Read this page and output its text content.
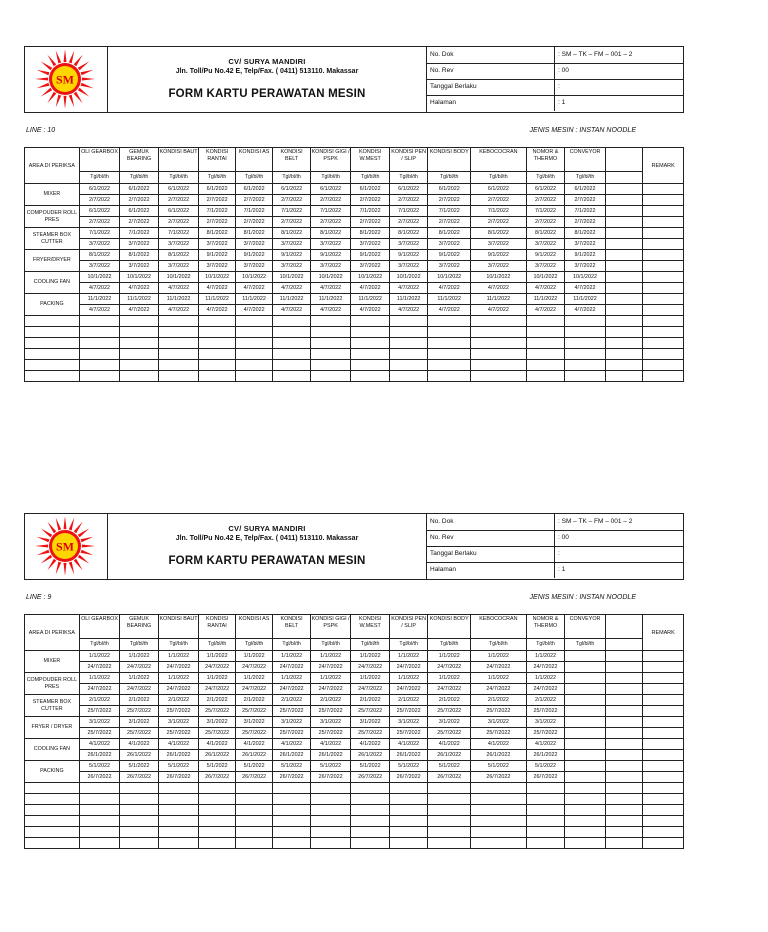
SM
CV/ SURYA MANDIRI
Jln. Toll/Pu No.42 E, Telp/Fax. ( 0411) 513110. Makassar
FORM KARTU PERAWATAN MESIN
No. Dok	: SM – TK – FM – 001 – 2
No. Rev	: 00
Tanggal Berlaku	:
Halaman	: 1
LINE : 10	JENIS MESIN : INSTAN NOODLE
AREA DI PERIKSA	OLI GEARBOX	GEMUK BEARING	KONDISI BAUT	KONDISI RANTAI	KONDISI AS	KONDISI BELT	KONDISI GIGI / PSPK	KONDISI W.MEST	KONDISI PEN / SLIP	KONDISI BODY	KEBOCOCRAN	NOMOR & THERMO	CONVEYOR		REMARK
	Tgl/bl/th	Tgl/bl/th	Tgl/bl/th	Tgl/bl/th	Tgl/bl/th	Tgl/bl/th	Tgl/bl/th	Tgl/bl/th	Tgl/bl/th	Tgl/bl/th	Tgl/bl/th	Tgl/bl/th	Tgl/bl/th		
MIXER	6/1/2022	6/1/2022	6/1/2022	6/1/2022	6/1/2022	6/1/2022	6/1/2022	6/1/2022	6/1/2022	6/1/2022	6/1/2022	6/1/2022	6/1/2022		
	2/7/2022	2/7/2022	2/7/2022	2/7/2022	2/7/2022	2/7/2022	2/7/2022	2/7/2022	2/7/2022	2/7/2022	2/7/2022	2/7/2022	2/7/2022		
COMPOUDER ROLL PRES	6/1/2022	6/1/2022	6/1/2022	7/1/2022	7/1/2022	7/1/2022	7/1/2022	7/1/2022	7/1/2022	7/1/2022	7/1/2022	7/1/2022	7/1/2022		
	2/7/2022	2/7/2022	2/7/2022	2/7/2022	2/7/2022	2/7/2022	2/7/2022	2/7/2022	2/7/2022	2/7/2022	2/7/2022	2/7/2022	2/7/2022		
STEAMER BOX CUTTER	7/1/2022	7/1/2022	7/1/2022	8/1/2022	8/1/2022	8/1/2022	8/1/2022	8/1/2022	8/1/2022	8/1/2022	8/1/2022	8/1/2022	8/1/2022		
	3/7/2022	3/7/2022	3/7/2022	3/7/2022	3/7/2022	3/7/2022	3/7/2022	3/7/2022	3/7/2022	3/7/2022	3/7/2022	3/7/2022	3/7/2022		
FRYER/DRYER	8/1/2022	8/1/2022	8/1/2022	9/1/2022	9/1/2022	9/1/2022	9/1/2022	9/1/2022	9/1/2022	9/1/2022	9/1/2022	9/1/2022	9/1/2022		
	3/7/2022	3/7/2022	3/7/2022	3/7/2022	3/7/2022	3/7/2022	3/7/2022	3/7/2022	3/7/2022	3/7/2022	3/7/2022	3/7/2022	3/7/2022		
COOLING FAN	10/1/2022	10/1/2022	10/1/2022	10/1/2022	10/1/2022	10/1/2022	10/1/2022	10/1/2022	10/1/2022	10/1/2022	10/1/2022	10/1/2022	10/1/2022		
	4/7/2022	4/7/2022	4/7/2022	4/7/2022	4/7/2022	4/7/2022	4/7/2022	4/7/2022	4/7/2022	4/7/2022	4/7/2022	4/7/2022	4/7/2022		
PACKING	11/1/2022	11/1/2022	11/1/2022	11/1/2022	11/1/2022	11/1/2022	11/1/2022	11/1/2022	11/1/2022	11/1/2022	11/1/2022	11/1/2022	11/1/2022		
	4/7/2022	4/7/2022	4/7/2022	4/7/2022	4/7/2022	4/7/2022	4/7/2022	4/7/2022	4/7/2022	4/7/2022	4/7/2022	4/7/2022	4/7/2022		

SM
CV/ SURYA MANDIRI
Jln. Toll/Pu No.42 E, Telp/Fax. ( 0411) 513110. Makassar
FORM KARTU PERAWATAN MESIN
No. Dok	: SM – TK – FM – 001 – 2
No. Rev	: 00
Tanggal Berlaku	:
Halaman	: 1
LINE : 9	JENIS MESIN : INSTAN NOODLE
AREA DI PERIKSA	OLI GEARBOX	GEMUK BEARING	KONDISI BAUT	KONDISI RANTAI	KONDISI AS	KONDISI BELT	KONDISI GIGI / PSPK	KONDISI W.MEST	KONDISI PEN / SLIP	KONDISI BODY	KEBOCOCRAN	NOMOR & THERMO	CONVEYOR		REMARK
	Tgl/bl/th	Tgl/bl/th	Tgl/bl/th	Tgl/bl/th	Tgl/bl/th	Tgl/bl/th	Tgl/bl/th	Tgl/bl/th	Tgl/bl/th	Tgl/bl/th	Tgl/bl/th	Tgl/bl/th	Tgl/bl/th		
MIXER	1/1/2022	1/1/2022	1/1/2022	1/1/2022	1/1/2022	1/1/2022	1/1/2022	1/1/2022	1/1/2022	1/1/2022	1/1/2022	1/1/2022			
	24/7/2022	24/7/2022	24/7/2022	24/7/2022	24/7/2022	24/7/2022	24/7/2022	24/7/2022	24/7/2022	24/7/2022	24/7/2022	24/7/2022			
COMPOUDER ROLL PRES	1/1/2022	1/1/2022	1/1/2022	1/1/2022	1/1/2022	1/1/2022	1/1/2022	1/1/2022	1/1/2022	1/1/2022	1/1/2022	1/1/2022			
	24/7/2022	24/7/2022	24/7/2022	24/7/2022	24/7/2022	24/7/2022	24/7/2022	24/7/2022	24/7/2022	24/7/2022	24/7/2022	24/7/2022			
STEAMER BOX CUTTER	2/1/2022	2/1/2022	2/1/2022	2/1/2022	2/1/2022	2/1/2022	2/1/2022	2/1/2022	2/1/2022	2/1/2022	2/1/2022	2/1/2022			
	25/7/2022	25/7/2022	25/7/2022	25/7/2022	25/7/2022	25/7/2022	25/7/2022	25/7/2022	25/7/2022	25/7/2022	25/7/2022	25/7/2022			
FRYER / DRYER	3/1/2022	3/1/2022	3/1/2022	3/1/2022	3/1/2022	3/1/2022	3/1/2022	3/1/2022	3/1/2022	3/1/2022	3/1/2022	3/1/2022			
	25/7/2022	25/7/2022	25/7/2022	25/7/2022	25/7/2022	25/7/2022	25/7/2022	25/7/2022	25/7/2022	25/7/2022	25/7/2022	25/7/2022			
COOLING FAN	4/1/2022	4/1/2022	4/1/2022	4/1/2022	4/1/2022	4/1/2022	4/1/2022	4/1/2022	4/1/2022	4/1/2022	4/1/2022	4/1/2022			
	26/1/2022	26/1/2022	26/1/2022	26/1/2022	26/1/2022	26/1/2022	26/1/2022	26/1/2022	26/1/2022	26/1/2022	26/1/2022	26/1/2022			
PACKING	5/1/2022	5/1/2022	5/1/2022	5/1/2022	5/1/2022	5/1/2022	5/1/2022	5/1/2022	5/1/2022	5/1/2022	5/1/2022	5/1/2022			
	26/7/2022	26/7/2022	26/7/2022	26/7/2022	26/7/2022	26/7/2022	26/7/2022	26/7/2022	26/7/2022	26/7/2022	26/7/2022	26/7/2022			
